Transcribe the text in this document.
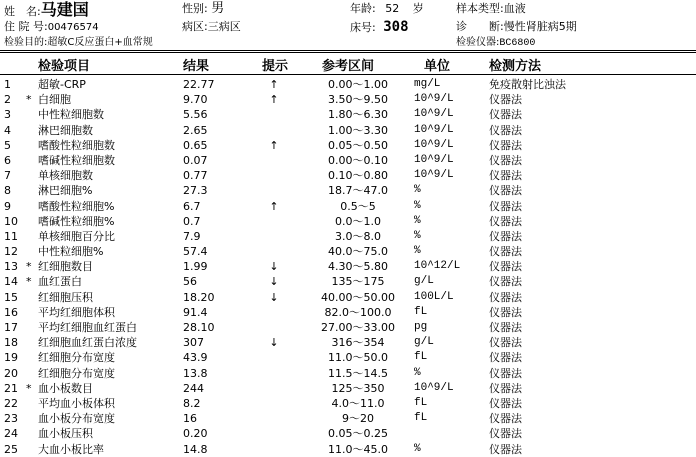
姓　名:马建国	性别: 男	年龄: 52 岁	样本类型:血液
住 院 号:00476574	病区:三病区	床号: 308	诊　　断:慢性肾脏病5期
检验目的:超敏C反应蛋白+血常规	检验仪器:BC6800
检验项目	结果	提示	参考区间	单位	检测方法
1 超敏-CRP	22.77	↑	0.00～1.00	mg/L	免疫散射比浊法
2 * 白细胞	9.70	↑	3.50～9.50	10^9/L	仪器法
3 中性粒细胞数	5.56	1.80～6.30	10^9/L	仪器法
4 淋巴细胞数	2.65	1.00～3.30	10^9/L	仪器法
5 嗜酸性粒细胞数	0.65	↑	0.05～0.50	10^9/L	仪器法
6 嗜碱性粒细胞数	0.07	0.00～0.10	10^9/L	仪器法
7 单核细胞数	0.77	0.10～0.80	10^9/L	仪器法
8 淋巴细胞%	27.3	18.7～47.0	%	仪器法
9 嗜酸性粒细胞%	6.7	↑	0.5～5	%	仪器法
10 嗜碱性粒细胞%	0.7	0.0～1.0	%	仪器法
11 单核细胞百分比	7.9	3.0～8.0	%	仪器法
12 中性粒细胞%	57.4	40.0～75.0	%	仪器法
13 * 红细胞数目	1.99	↓	4.30～5.80	10^12/L	仪器法
14 * 血红蛋白	56	↓	135～175	g/L	仪器法
15 红细胞压积	18.20	↓	40.00～50.00	100L/L	仪器法
16 平均红细胞体积	91.4	82.0～100.0	fL	仪器法
17 平均红细胞血红蛋白	28.10	27.00～33.00	pg	仪器法
18 红细胞血红蛋白浓度	307	↓	316～354	g/L	仪器法
19 红细胞分布宽度	43.9	11.0～50.0	fL	仪器法
20 红细胞分布宽度	13.8	11.5～14.5	%	仪器法
21 * 血小板数目	244	125～350	10^9/L	仪器法
22 平均血小板体积	8.2	4.0～11.0	fL	仪器法
23 血小板分布宽度	16	9～20	fL	仪器法
24 血小板压积	0.20	0.05～0.25	仪器法
25 大血小板比率	14.8	11.0～45.0	%	仪器法
